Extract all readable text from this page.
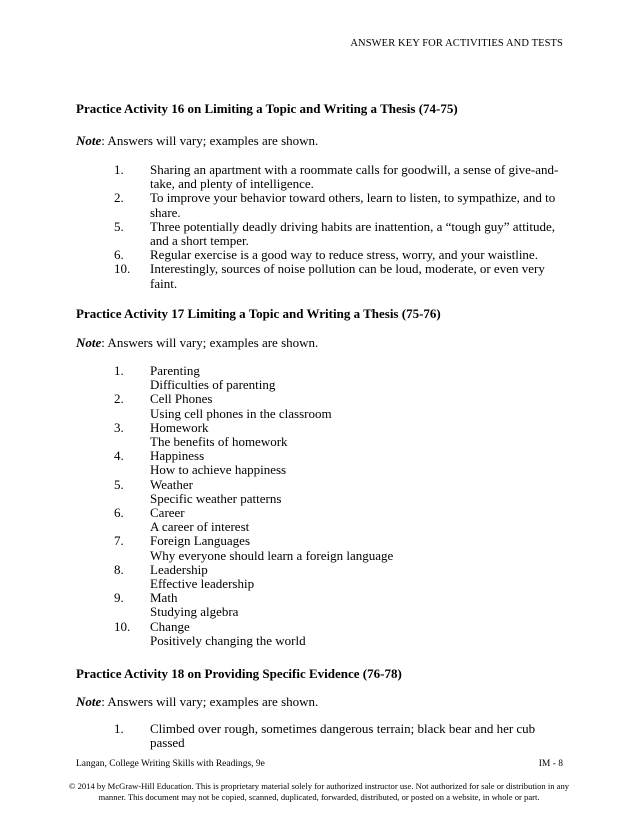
ANSWER KEY FOR ACTIVITIES AND TESTS
Practice Activity 16 on Limiting a Topic and Writing a Thesis (74-75)
Note: Answers will vary; examples are shown.
1. Sharing an apartment with a roommate calls for goodwill, a sense of give-and-
take, and plenty of intelligence.
2. To improve your behavior toward others, learn to listen, to sympathize, and to
share.
5. Three potentially deadly driving habits are inattention, a “tough guy” attitude,
and a short temper.
6. Regular exercise is a good way to reduce stress, worry, and your waistline.
10. Interestingly, sources of noise pollution can be loud, moderate, or even very faint.
Practice Activity 17 Limiting a Topic and Writing a Thesis (75-76)
Note: Answers will vary; examples are shown.
1. Parenting
Difficulties of parenting
2. Cell Phones
Using cell phones in the classroom
3. Homework
The benefits of homework
4. Happiness
How to achieve happiness
5. Weather
Specific weather patterns
6. Career
A career of interest
7. Foreign Languages
Why everyone should learn a foreign language
8. Leadership
Effective leadership
9. Math
Studying algebra
10. Change
Positively changing the world
Practice Activity 18 on Providing Specific Evidence (76-78)
Note: Answers will vary; examples are shown.
1. Climbed over rough, sometimes dangerous terrain; black bear and her cub passed
Langan, College Writing Skills with Readings, 9e	IM - 8
© 2014 by McGraw-Hill Education. This is proprietary material solely for authorized instructor use. Not authorized for sale or distribution in any manner. This document may not be copied, scanned, duplicated, forwarded, distributed, or posted on a website, in whole or part.
